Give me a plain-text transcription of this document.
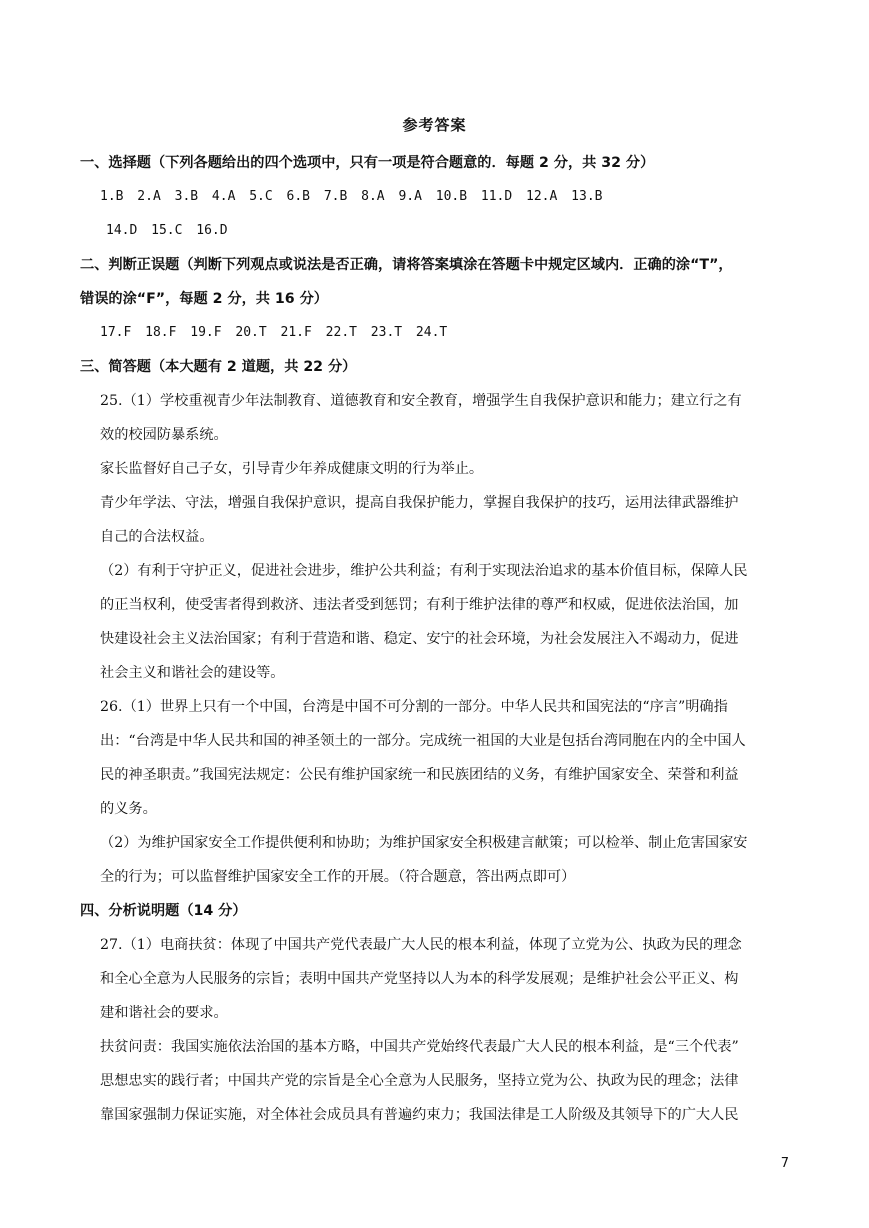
参考答案

一、选择题（下列各题给出的四个选项中，只有一项是符合题意的．每题 2 分，共 32 分）

1.B 2.A 3.B 4.A 5.C 6.B 7.B 8.A 9.A 10.B 11.D 12.A 13.B

14.D 15.C 16.D

二、判断正误题（判断下列观点或说法是否正确，请将答案填涂在答题卡中规定区域内．正确的涂“T”，

错误的涂“F”，每题 2 分，共 16 分）

17.F 18.F 19.F 20.T 21.F 22.T 23.T 24.T

三、简答题（本大题有 2 道题，共 22 分）

25.（1）学校重视青少年法制教育、道德教育和安全教育，增强学生自我保护意识和能力；建立行之有

效的校园防暴系统。

家长监督好自己子女，引导青少年养成健康文明的行为举止。

青少年学法、守法，增强自我保护意识，提高自我保护能力，掌握自我保护的技巧，运用法律武器维护

自己的合法权益。

（2）有利于守护正义，促进社会进步，维护公共利益；有利于实现法治追求的基本价值目标，保障人民

的正当权利，使受害者得到救济、违法者受到惩罚；有利于维护法律的尊严和权威，促进依法治国，加

快建设社会主义法治国家；有利于营造和谐、稳定、安宁的社会环境，为社会发展注入不竭动力，促进

社会主义和谐社会的建设等。

26.（1）世界上只有一个中国，台湾是中国不可分割的一部分。中华人民共和国宪法的“序言”明确指

出：“台湾是中华人民共和国的神圣领土的一部分。完成统一祖国的大业是包括台湾同胞在内的全中国人

民的神圣职责。”我国宪法规定：公民有维护国家统一和民族团结的义务，有维护国家安全、荣誉和利益

的义务。

（2）为维护国家安全工作提供便利和协助；为维护国家安全积极建言献策；可以检举、制止危害国家安

全的行为；可以监督维护国家安全工作的开展。（符合题意，答出两点即可）

四、分析说明题（14 分）

27.（1）电商扶贫：体现了中国共产党代表最广大人民的根本利益，体现了立党为公、执政为民的理念

和全心全意为人民服务的宗旨；表明中国共产党坚持以人为本的科学发展观；是维护社会公平正义、构

建和谐社会的要求。

扶贫问责：我国实施依法治国的基本方略，中国共产党始终代表最广大人民的根本利益，是“三个代表”

思想忠实的践行者；中国共产党的宗旨是全心全意为人民服务，坚持立党为公、执政为民的理念；法律

靠国家强制力保证实施，对全体社会成员具有普遍约束力；我国法律是工人阶级及其领导下的广大人民

7
